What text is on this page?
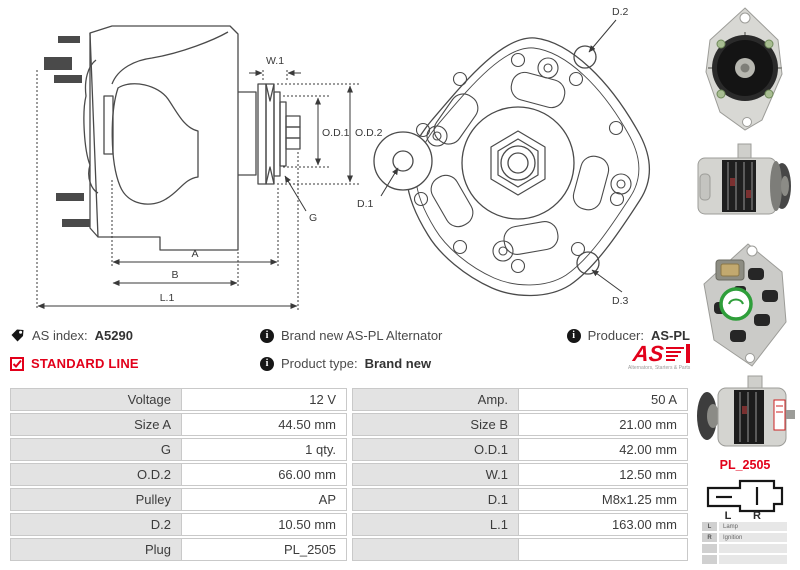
W.1
O.D.1 O.D.2
G
A
B
L.1
D.2
D.1
D.3
AS index: A5290	i Brand new AS-PL Alternator	i Producer: AS-PL
STANDARD LINE	i Product type: Brand new	AS
Alternators, Starters & Parts
Voltage	12 V
Size A	44.50 mm
G	1 qty.
O.D.2	66.00 mm
Pulley	AP
D.2	10.50 mm
Plug	PL_2505
Amp.	50 A
Size B	21.00 mm
O.D.1	42.00 mm
W.1	12.50 mm
D.1	M8x1.25 mm
L.1	163.00 mm
PL_2505
L R
L	Lamp
R	Ignition
